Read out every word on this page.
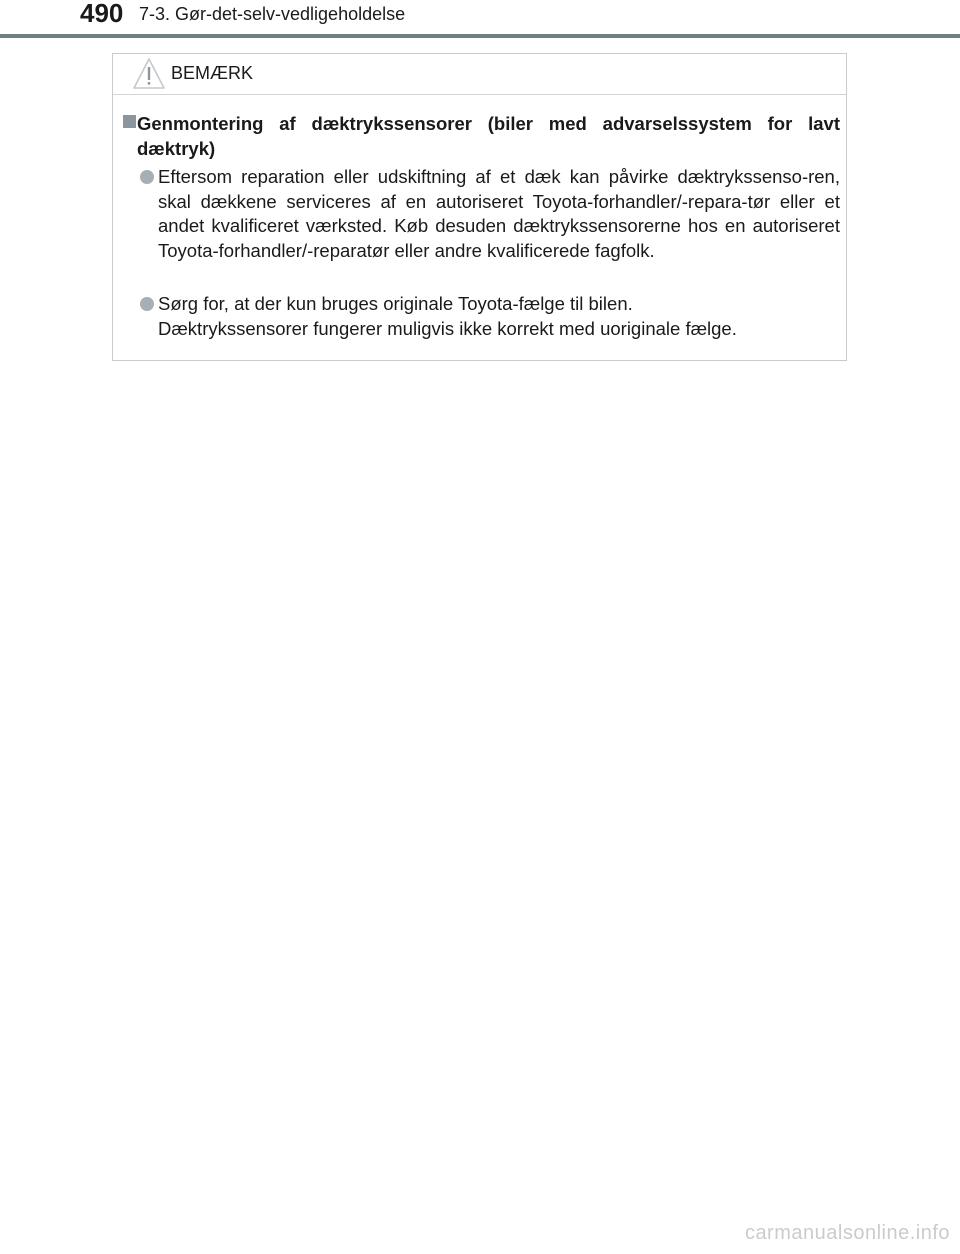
490 7-3. Gør-det-selv-vedligeholdelse
BEMÆRK
Genmontering af dæktrykssensorer (biler med advarselssystem for lavt dæktryk)
Eftersom reparation eller udskiftning af et dæk kan påvirke dæktrykssenso-ren, skal dækkene serviceres af en autoriseret Toyota-forhandler/-repara-tør eller et andet kvalificeret værksted. Køb desuden dæktrykssensorerne hos en autoriseret Toyota-forhandler/-reparatør eller andre kvalificerede fagfolk.
Sørg for, at der kun bruges originale Toyota-fælge til bilen.
Dæktrykssensorer fungerer muligvis ikke korrekt med uoriginale fælge.
carmanualsonline.info
